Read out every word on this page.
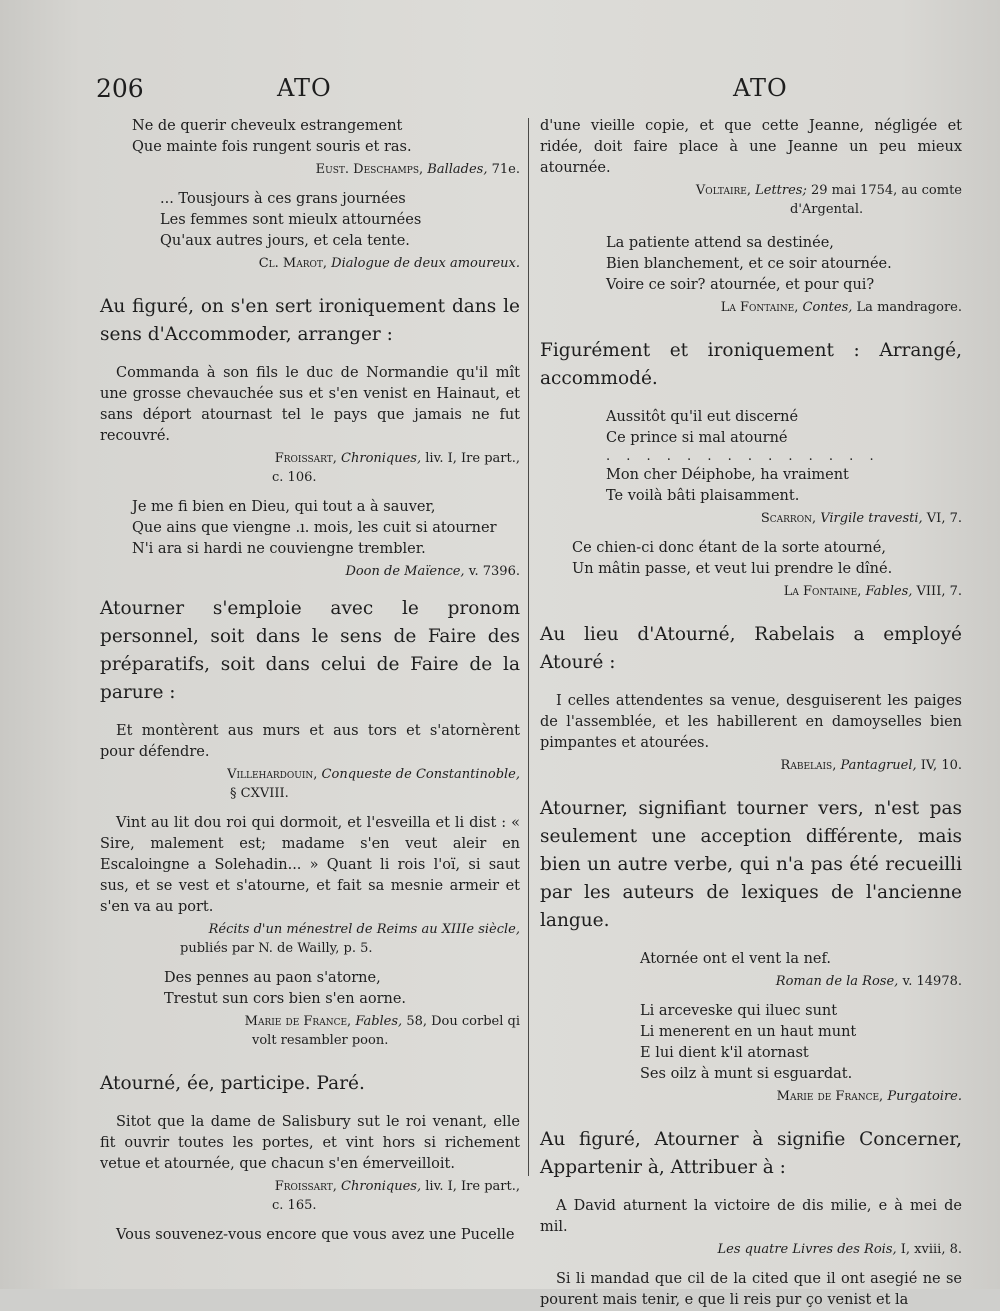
206	ATO	ATO
Ne de querir cheveulx estrangement
Que mainte fois rungent souris et ras.

Eust. Deschamps, Ballades, 71e.

... Tousjours à ces grans journées
Les femmes sont mieulx attournées
Qu'aux autres jours, et cela tente.

Cl. Marot, Dialogue de deux amoureux.

Au figuré, on s'en sert ironiquement dans le sens d'Accommoder, arranger :

Commanda à son fils le duc de Normandie qu'il mît une grosse chevauchée sus et s'en venist en Hainaut, et sans déport atournast tel le pays que jamais ne fut recouvré.

Froissart, Chroniques, liv. I, Ire part.,

c. 106.

Je me fi bien en Dieu, qui tout a à sauver,
Que ains que viengne .ı. mois, les cuit si atourner
N'i ara si hardi ne couviengne trembler.

Doon de Maïence, v. 7396.

Atourner s'emploie avec le pronom personnel, soit dans le sens de Faire des préparatifs, soit dans celui de Faire de la parure :

Et montèrent aus murs et aus tors et s'atornèrent pour défendre.

Villehardouin, Conqueste de Constantinoble,

§ CXVIII.

Vint au lit dou roi qui dormoit, et l'esveilla et li dist : « Sire, malement est; madame s'en veut aleir en Escaloingne a Solehadin... » Quant li rois l'oï, si saut sus, et se vest et s'atourne, et fait sa mesnie armeir et s'en va au port.

Récits d'un ménestrel de Reims au XIIIe siècle,

publiés par N. de Wailly, p. 5.

Des pennes au paon s'atorne,
Trestut sun cors bien s'en aorne.

Marie de France, Fables, 58, Dou corbel qi

volt resambler poon.

Atourné, ée, participe. Paré.

Sitot que la dame de Salisbury sut le roi venant, elle fit ouvrir toutes les portes, et vint hors si richement vetue et atournée, que chacun s'en émerveilloit.

Froissart, Chroniques, liv. I, Ire part.,

c. 165.

Vous souvenez-vous encore que vous avez une Pucelle

d'une vieille copie, et que cette Jeanne, négligée et ridée, doit faire place à une Jeanne un peu mieux atournée.

Voltaire, Lettres; 29 mai 1754, au comte

d'Argental.

La patiente attend sa destinée,
Bien blanchement, et ce soir atournée.
Voire ce soir? atournée, et pour qui?

La Fontaine, Contes, La mandragore.

Figurément et ironiquement : Arrangé, accommodé.

Aussitôt qu'il eut discerné
Ce prince si mal atourné
. . . . . . . . . . . . . .
Mon cher Déiphobe, ha vraiment
Te voilà bâti plaisamment.

Scarron, Virgile travesti, VI, 7.

Ce chien-ci donc étant de la sorte atourné,
Un mâtin passe, et veut lui prendre le dîné.

La Fontaine, Fables, VIII, 7.

Au lieu d'Atourné, Rabelais a employé Atouré :

I celles attendentes sa venue, desguiserent les paiges de l'assemblée, et les habillerent en damoyselles bien pimpantes et atourées.

Rabelais, Pantagruel, IV, 10.

Atourner, signifiant tourner vers, n'est pas seulement une acception différente, mais bien un autre verbe, qui n'a pas été recueilli par les auteurs de lexiques de l'ancienne langue.

Atornée ont el vent la nef.

Roman de la Rose, v. 14978.

Li arceveske qui iluec sunt
Li menerent en un haut munt
E lui dient k'il atornast
Ses oilz à munt si esguardat.

Marie de France, Purgatoire.

Au figuré, Atourner à signifie Concerner, Appartenir à, Attribuer à :

A David aturnent la victoire de dis milie, e à mei de mil.

Les quatre Livres des Rois, I, xviii, 8.

Si li mandad que cil de la cited que il ont asegié ne se pourent mais tenir, e que li reis pur ço venist et la
